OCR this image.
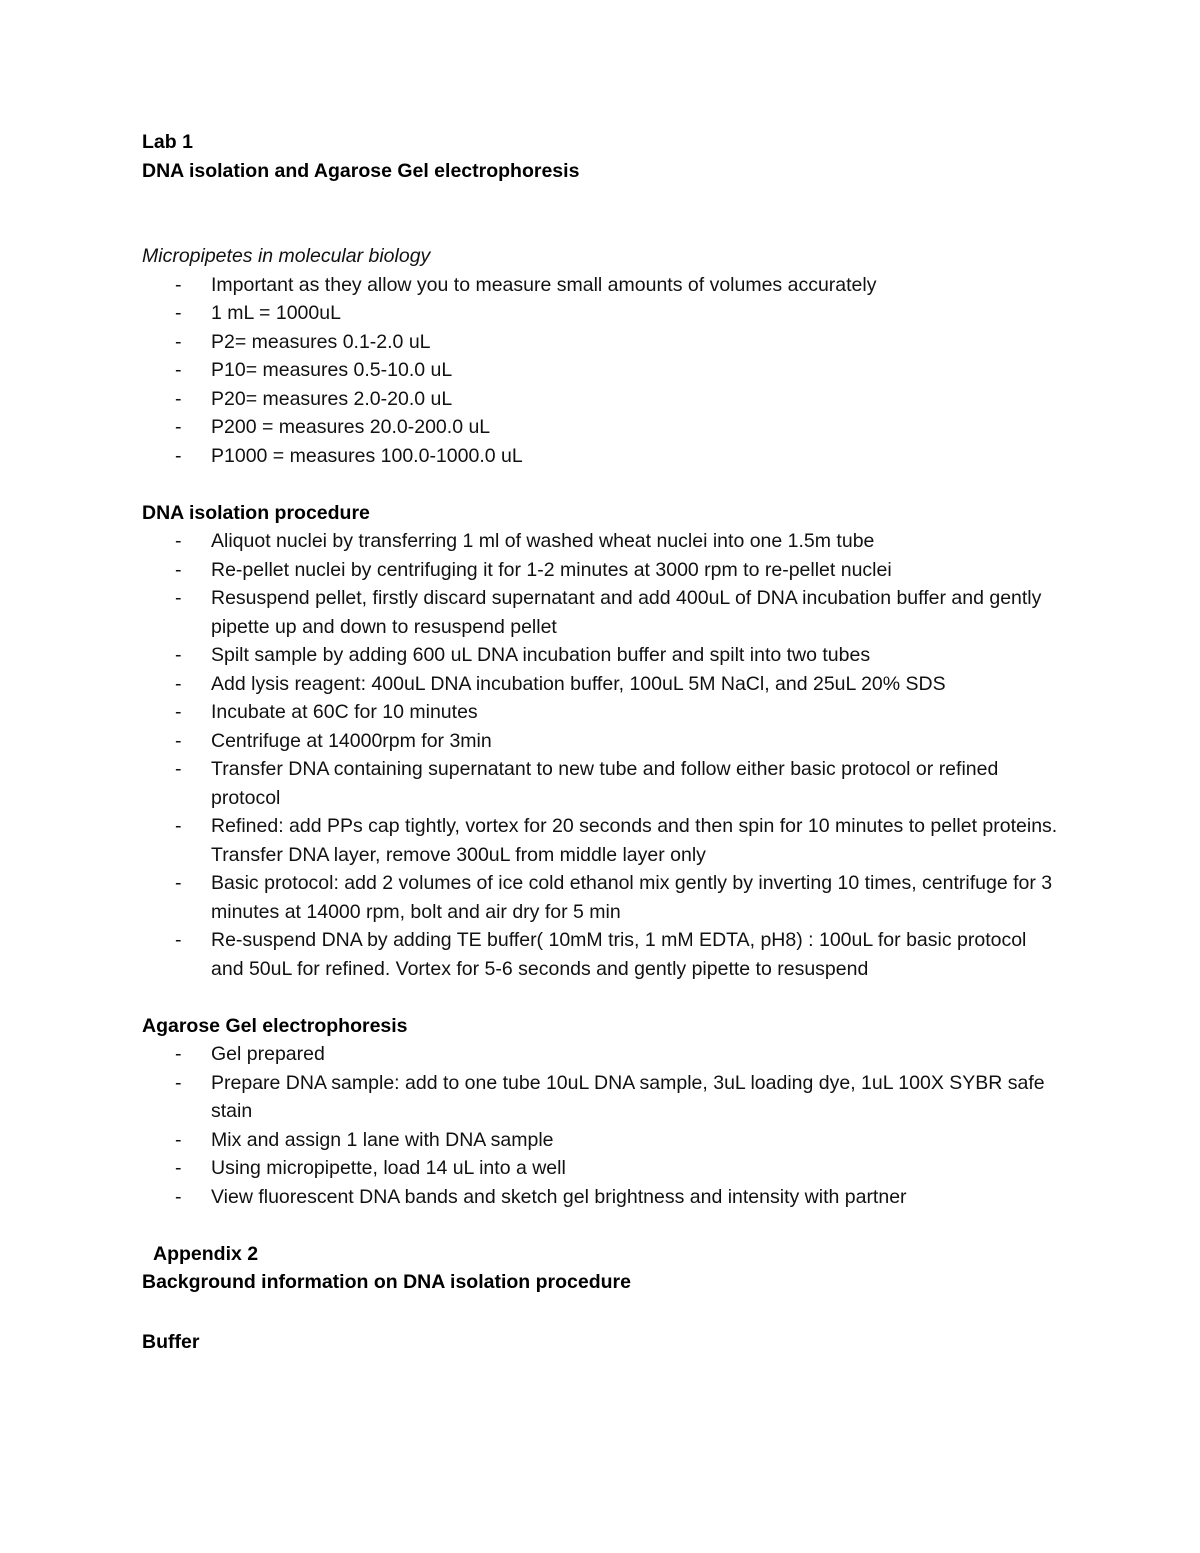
Lab 1
DNA isolation and Agarose Gel electrophoresis
Micropipetes in molecular biology
-	Important as they allow you to measure small amounts of volumes accurately
-	1 mL = 1000uL
-	P2= measures 0.1-2.0 uL
-	P10= measures 0.5-10.0 uL
-	P20= measures 2.0-20.0 uL
-	P200 = measures 20.0-200.0 uL
-	P1000 = measures 100.0-1000.0 uL
DNA isolation procedure
-	Aliquot nuclei by transferring 1 ml of washed wheat nuclei into one 1.5m tube
-	Re-pellet nuclei by centrifuging it for 1-2 minutes at 3000 rpm to re-pellet nuclei
-	Resuspend pellet, firstly discard supernatant and add 400uL of DNA incubation buffer and gently pipette up and down to resuspend pellet
-	Spilt sample by adding 600 uL DNA incubation buffer and spilt into two tubes
-	Add lysis reagent: 400uL DNA incubation buffer, 100uL 5M NaCl, and 25uL 20% SDS
-	Incubate at 60C for 10 minutes
-	Centrifuge at 14000rpm for 3min
-	Transfer DNA containing supernatant to new tube and follow either basic protocol or refined protocol
-	Refined: add PPs cap tightly, vortex for 20 seconds and then spin for 10 minutes to pellet proteins. Transfer DNA layer, remove 300uL from middle layer only
-	Basic protocol: add 2 volumes of ice cold ethanol mix gently by inverting 10 times, centrifuge for 3 minutes at 14000 rpm, bolt and air dry for 5 min
-	Re-suspend DNA by adding TE buffer( 10mM tris, 1 mM EDTA, pH8) : 100uL for basic protocol and 50uL for refined. Vortex for 5-6 seconds and gently pipette to resuspend
Agarose Gel electrophoresis
-	Gel prepared
-	Prepare DNA sample: add to one tube 10uL DNA sample, 3uL loading dye, 1uL 100X SYBR safe stain
-	Mix and assign 1 lane with DNA sample
-	Using micropipette, load 14 uL into a well
-	View fluorescent DNA bands and sketch gel brightness and intensity with partner
Appendix 2
Background information on DNA isolation procedure
Buffer
